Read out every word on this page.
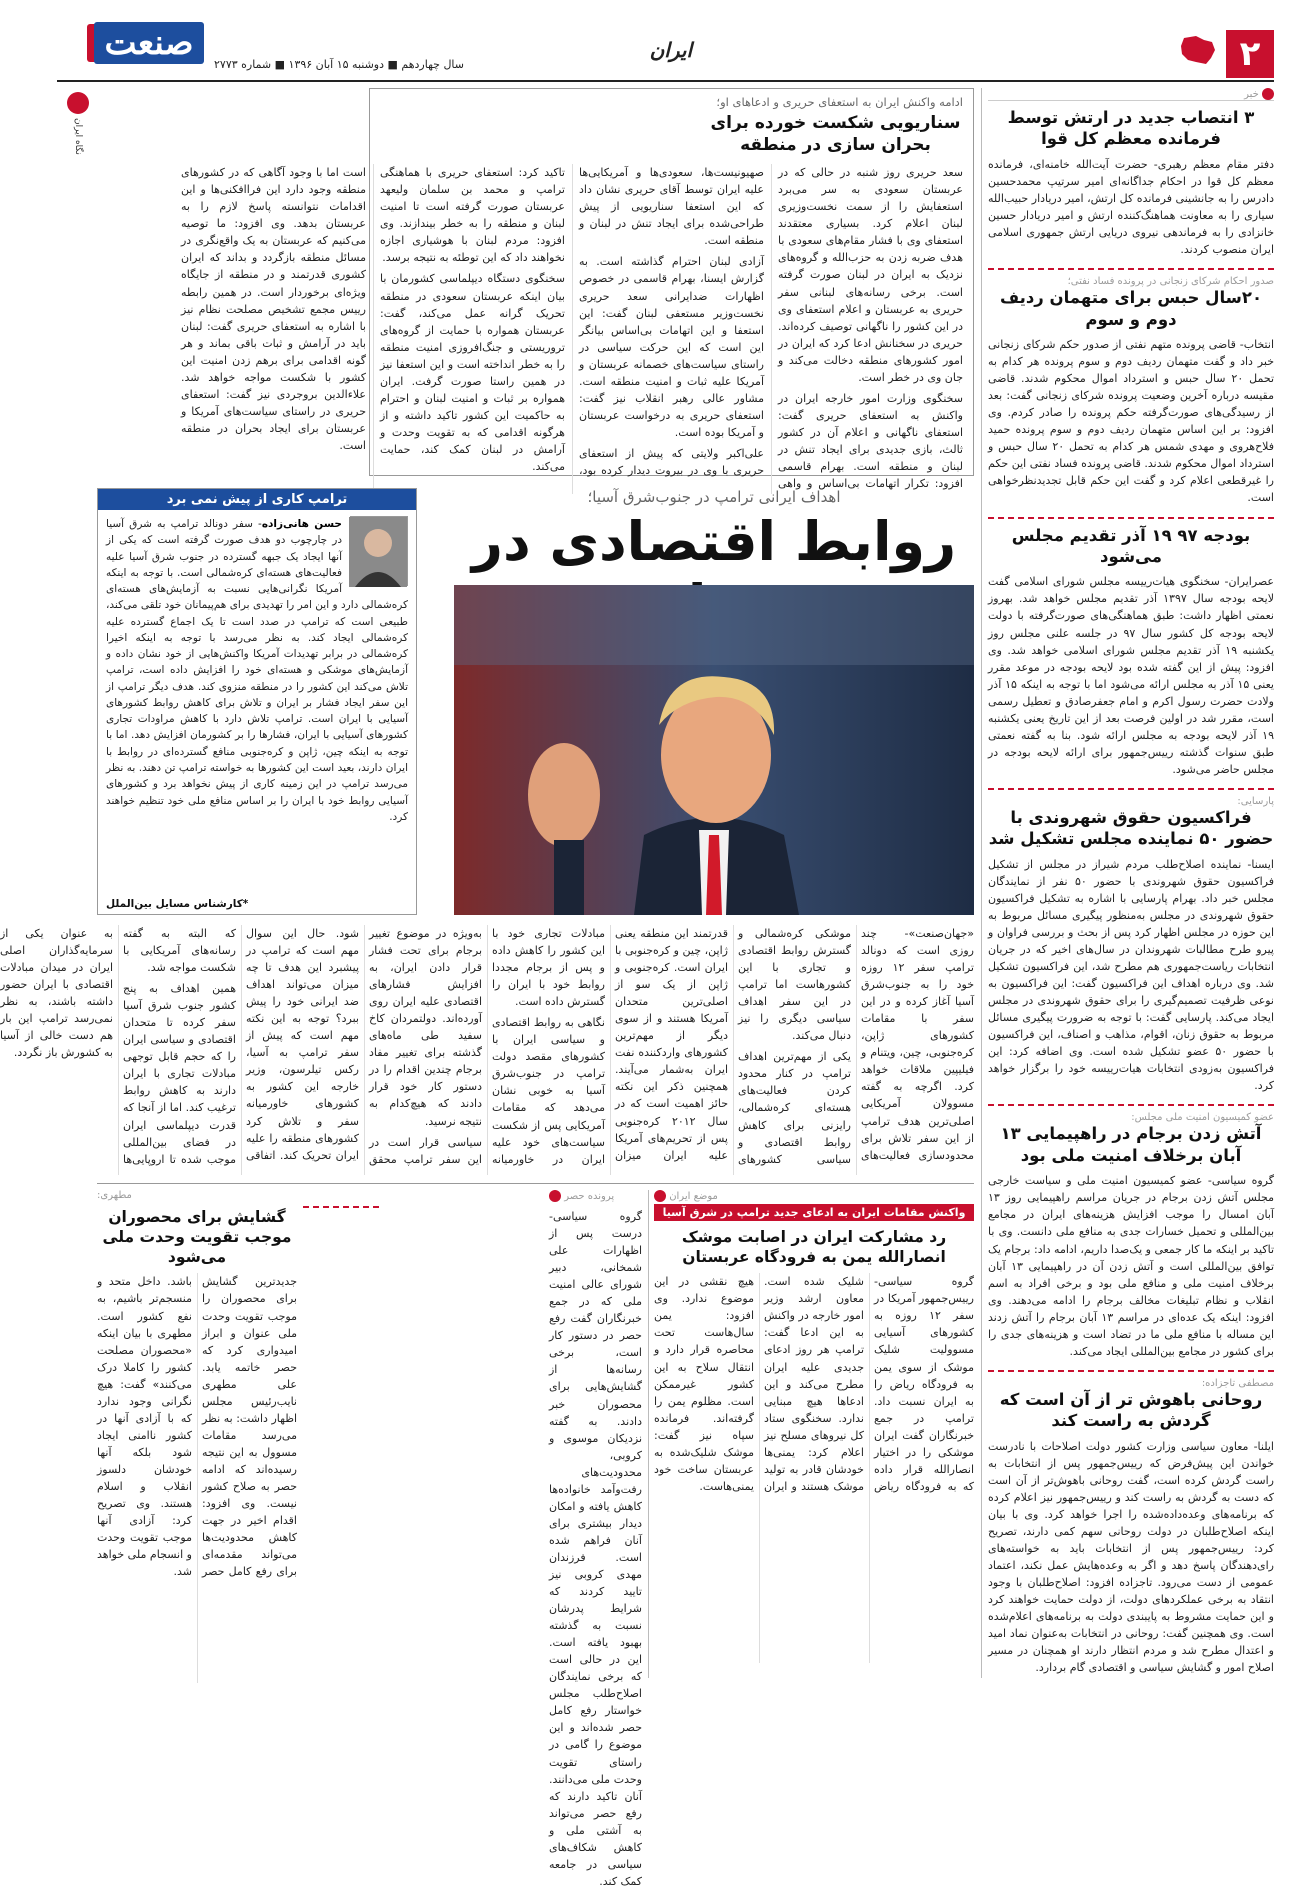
۲
ایران
صنعت
سال چهاردهم ■ دوشنبه ۱۵ آبان ۱۳۹۶ ■ شماره ۲۷۷۳
خبر
۳ انتصاب جدید در ارتش توسط فرمانده معظم کل قوا
دفتر مقام معظم رهبری- حضرت آیت‌الله خامنه‌ای، فرمانده معظم کل قوا در احکام جداگانه‌ای امیر سرتیپ محمدحسین دادرس را به جانشینی فرمانده کل ارتش، امیر دریادار حبیب‌الله سیاری را به معاونت هماهنگ‌کننده ارتش و امیر دریادار حسین خانزادی را به فرماندهی نیروی دریایی ارتش جمهوری اسلامی ایران منصوب کردند.
صدور احکام شرکای زنجانی در پرونده فساد نفتی؛
۲۰سال حبس برای متهمان ردیف دوم و سوم
انتخاب- قاضی پرونده متهم نفتی از صدور حکم شرکای زنجانی خبر داد و گفت متهمان ردیف دوم و سوم پرونده هر کدام به تحمل ۲۰ سال حبس و استرداد اموال محکوم شدند. قاضی مقیسه درباره آخرین وضعیت پرونده شرکای زنجانی گفت: بعد از رسیدگی‌های صورت‌گرفته حکم پرونده را صادر کردم. وی افزود: بر این اساس متهمان ردیف دوم و سوم پرونده حمید فلاح‌هروی و مهدی شمس هر کدام به تحمل ۲۰ سال حبس و استرداد اموال محکوم شدند. قاضی پرونده فساد نفتی این حکم را غیرقطعی اعلام کرد و گفت این حکم قابل تجدیدنظرخواهی است.
بودجه ۹۷ ۱۹ آذر تقدیم مجلس می‌شود
عصرایران- سخنگوی هیات‌رییسه مجلس شورای اسلامی گفت لایحه بودجه سال ۱۳۹۷ آذر تقدیم مجلس خواهد شد. بهروز نعمتی اظهار داشت: طبق هماهنگی‌های صورت‌گرفته با دولت لایحه بودجه کل کشور سال ۹۷ در جلسه علنی مجلس روز یکشنبه ۱۹ آذر تقدیم مجلس شورای اسلامی خواهد شد. وی افزود: پیش از این گفته شده بود لایحه بودجه در موعد مقرر یعنی ۱۵ آذر به مجلس ارائه می‌شود اما با توجه به اینکه ۱۵ آذر ولادت حضرت رسول اکرم و امام جعفرصادق و تعطیل رسمی است، مقرر شد در اولین فرصت بعد از این تاریخ یعنی یکشنبه ۱۹ آذر لایحه بودجه به مجلس ارائه شود. بنا به گفته نعمتی طبق سنوات گذشته رییس‌جمهور برای ارائه لایحه بودجه در مجلس حاضر می‌شود.
پارسایی:
فراکسیون حقوق شهروندی با حضور ۵۰ نماینده مجلس تشکیل شد
ایسنا- نماینده اصلاح‌طلب مردم شیراز در مجلس از تشکیل فراکسیون حقوق شهروندی با حضور ۵۰ نفر از نمایندگان مجلس خبر داد. بهرام پارسایی با اشاره به تشکیل فراکسیون حقوق شهروندی در مجلس به‌منظور پیگیری مسائل مربوط به این حوزه در مجلس اظهار کرد پس از بحث و بررسی فراوان و پیرو طرح مطالبات شهروندان در سال‌های اخیر که در جریان انتخابات ریاست‌جمهوری هم مطرح شد، این فراکسیون تشکیل شد. وی درباره اهداف این فراکسیون گفت: این فراکسیون به نوعی ظرفیت تصمیم‌گیری را برای حقوق شهروندی در مجلس ایجاد می‌کند. پارسایی گفت: با توجه به ضرورت پیگیری مسائل مربوط به حقوق زنان، اقوام، مذاهب و اصناف، این فراکسیون با حضور ۵۰ عضو تشکیل شده است. وی اضافه کرد: این فراکسیون به‌زودی انتخابات هیات‌رییسه خود را برگزار خواهد کرد.
عضو کمیسیون امنیت ملی مجلس:
آتش زدن برجام در راهپیمایی ۱۳ آبان برخلاف امنیت ملی بود
گروه سیاسی- عضو کمیسیون امنیت ملی و سیاست خارجی مجلس آتش زدن برجام در جریان مراسم راهپیمایی روز ۱۳ آبان امسال را موجب افزایش هزینه‌های ایران در مجامع بین‌المللی و تحمیل خسارات جدی به منافع ملی دانست. وی با تاکید بر اینکه ما کار جمعی و یک‌صدا داریم، ادامه داد: برجام یک توافق بین‌المللی است و آتش زدن آن در راهپیمایی ۱۳ آبان برخلاف امنیت ملی و منافع ملی بود و برخی افراد به اسم انقلاب و نظام تبلیغات مخالف برجام را ادامه می‌دهند. وی افزود: اینکه یک عده‌ای در مراسم ۱۳ آبان برجام را آتش زدند این مساله با منافع ملی ما در تضاد است و هزینه‌های جدی را برای کشور در مجامع بین‌المللی ایجاد می‌کند.
مصطفی تاجزاده:
روحانی باهوش تر از آن است که گردش به راست کند
ایلنا- معاون سیاسی وزارت کشور دولت اصلاحات با نادرست خواندن این پیش‌فرض که رییس‌جمهور پس از انتخابات به راست گردش کرده است، گفت روحانی باهوش‌تر از آن است که دست به گردش به راست کند و رییس‌جمهور نیز اعلام کرده که برنامه‌های وعده‌داده‌شده را اجرا خواهد کرد. وی با بیان اینکه اصلاح‌طلبان در دولت روحانی سهم کمی دارند، تصریح کرد: رییس‌جمهور پس از انتخابات باید به خواسته‌های رای‌دهندگان پاسخ دهد و اگر به وعده‌هایش عمل نکند، اعتماد عمومی از دست می‌رود. تاجزاده افزود: اصلاح‌طلبان با وجود انتقاد به برخی عملکردهای دولت، از دولت حمایت خواهند کرد و این حمایت مشروط به پایبندی دولت به برنامه‌های اعلام‌شده است. وی همچنین گفت: روحانی در انتخابات به‌عنوان نماد امید و اعتدال مطرح شد و مردم انتظار دارند او همچنان در مسیر اصلاح امور و گشایش سیاسی و اقتصادی گام بردارد.
ادامه واکنش ایران به استعفای حریری و ادعاهای او؛
سناریویی شکست خورده برای بحران سازی در منطقه

سعد حریری روز شنبه در حالی که در عربستان سعودی به سر می‌برد استعفایش را از سمت نخست‌وزیری لبنان اعلام کرد. بسیاری معتقدند استعفای وی با فشار مقام‌های سعودی با هدف ضربه زدن به حزب‌الله و گروه‌های نزدیک به ایران در لبنان صورت گرفته است. برخی رسانه‌های لبنانی سفر حریری به عربستان و اعلام استعفای وی در این کشور را ناگهانی توصیف کرده‌اند. حریری در سخنانش ادعا کرد که ایران در امور کشورهای منطقه دخالت می‌کند و جان وی در خطر است.

سخنگوی وزارت امور خارجه ایران در واکنش به استعفای حریری گفت: استعفای ناگهانی و اعلام آن در کشور ثالث، بازی جدیدی برای ایجاد تنش در لبنان و منطقه است. بهرام قاسمی افزود: تکرار اتهامات بی‌اساس و واهی صهیونیست‌ها، سعودی‌ها و آمریکایی‌ها علیه ایران توسط آقای حریری نشان داد که این استعفا سناریویی از پیش طراحی‌شده برای ایجاد تنش در لبنان و منطقه است.

آزادی لبنان احترام گذاشته است. به گزارش ایسنا، بهرام قاسمی در خصوص اظهارات ضدایرانی سعد حریری نخست‌وزیر مستعفی لبنان گفت: این استعفا و این اتهامات بی‌اساس بیانگر این است که این حرکت سیاسی در راستای سیاست‌های خصمانه عربستان و آمریکا علیه ثبات و امنیت منطقه است. مشاور عالی رهبر انقلاب نیز گفت: استعفای حریری به درخواست عربستان و آمریکا بوده است.

علی‌اکبر ولایتی که پیش از استعفای حریری با وی در بیروت دیدار کرده بود، تاکید کرد: استعفای حریری با هماهنگی ترامپ و محمد بن سلمان ولیعهد عربستان صورت گرفته است تا امنیت لبنان و منطقه را به خطر بیندازند. وی افزود: مردم لبنان با هوشیاری اجازه نخواهند داد که این توطئه به نتیجه برسد.

سخنگوی دستگاه دیپلماسی کشورمان با بیان اینکه عربستان سعودی در منطقه تحریک گرانه عمل می‌کند، گفت: عربستان همواره با حمایت از گروه‌های تروریستی و جنگ‌افروزی امنیت منطقه را به خطر انداخته است و این استعفا نیز در همین راستا صورت گرفت. ایران همواره بر ثبات و امنیت لبنان و احترام به حاکمیت این کشور تاکید داشته و از هرگونه اقدامی که به تقویت وحدت و آرامش در لبنان کمک کند، حمایت می‌کند.

است اما با وجود آگاهی که در کشورهای منطقه وجود دارد این فراافکنی‌ها و این اقدامات نتوانسته پاسخ لازم را به عربستان بدهد. وی افزود: ما توصیه می‌کنیم که عربستان به یک واقع‌نگری در مسائل منطقه بازگردد و بداند که ایران کشوری قدرتمند و در منطقه از جایگاه ویژه‌ای برخوردار است. در همین رابطه رییس مجمع تشخیص مصلحت نظام نیز با اشاره به استعفای حریری گفت: لبنان باید در آرامش و ثبات باقی بماند و هر گونه اقدامی برای برهم زدن امنیت این کشور با شکست مواجه خواهد شد. علاءالدین بروجردی نیز گفت: استعفای حریری در راستای سیاست‌های آمریکا و عربستان برای ایجاد بحران در منطقه است.

نگاه ایران
اهداف ایرانی ترامپ در جنوب‌شرق آسیا؛
روابط اقتصادی در
ترامپ کاری از پیش نمی برد
حسن هانی‌زاده- سفر دونالد ترامپ به شرق آسیا در چارچوب دو هدف صورت گرفته است که یکی از آنها ایجاد یک جبهه گسترده در جنوب شرق آسیا علیه فعالیت‌های هسته‌ای کره‌شمالی است. با توجه به اینکه آمریکا نگرانی‌هایی نسبت به آزمایش‌های هسته‌ای کره‌شمالی دارد و این امر را تهدیدی برای هم‌پیمانان خود تلقی می‌کند، طبیعی است که ترامپ در صدد است تا یک اجماع گسترده علیه کره‌شمالی ایجاد کند. به نظر می‌رسد با توجه به اینکه اخیرا کره‌شمالی در برابر تهدیدات آمریکا واکنش‌هایی از خود نشان داده و آزمایش‌های موشکی و هسته‌ای خود را افزایش داده است، ترامپ تلاش می‌کند این کشور را در منطقه منزوی کند. هدف دیگر ترامپ از این سفر ایجاد فشار بر ایران و تلاش برای کاهش روابط کشورهای آسیایی با ایران است. ترامپ تلاش دارد با کاهش مراودات تجاری کشورهای آسیایی با ایران، فشارها را بر کشورمان افزایش دهد. اما با توجه به اینکه چین، ژاپن و کره‌جنوبی منافع گسترده‌ای در روابط با ایران دارند، بعید است این کشورها به خواسته ترامپ تن دهند. به نظر می‌رسد ترامپ در این زمینه کاری از پیش نخواهد برد و کشورهای آسیایی روابط خود با ایران را بر اساس منافع ملی خود تنظیم خواهند کرد.
*کارشناس مسایل بین‌الملل

«جهان‌صنعت»- چند روزی است که دونالد ترامپ سفر ۱۲ روزه خود را به جنوب‌شرق آسیا آغاز کرده و در این سفر با مقامات کشورهای ژاپن، کره‌جنوبی، چین، ویتنام و فیلیپین ملاقات خواهد کرد. اگرچه به گفته مسوولان آمریکایی اصلی‌ترین هدف ترامپ از این سفر تلاش برای محدودسازی فعالیت‌های موشکی کره‌شمالی و گسترش روابط اقتصادی و تجاری با این کشورهاست اما ترامپ در این سفر اهداف سیاسی دیگری را نیز دنبال می‌کند.

یکی از مهم‌ترین اهداف ترامپ در کنار محدود کردن فعالیت‌های هسته‌ای کره‌شمالی، رایزنی برای کاهش روابط اقتصادی و سیاسی کشورهای قدرتمند این منطقه یعنی ژاپن، چین و کره‌جنوبی با ایران است. کره‌جنوبی و ژاپن از یک سو از اصلی‌ترین متحدان آمریکا هستند و از سوی دیگر از مهم‌ترین کشورهای وارد‌کننده نفت ایران به‌شمار می‌آیند. همچنین ذکر این نکته حائز اهمیت است که در سال ۲۰۱۲ کره‌جنوبی پس از تحریم‌های آمریکا علیه ایران میزان مبادلات تجاری خود با این کشور را کاهش داده و پس از برجام مجددا روابط خود با ایران را گسترش داده است.

نگاهی به روابط اقتصادی و سیاسی ایران با کشورهای مقصد دولت ترامپ در جنوب‌شرق آسیا به خوبی نشان می‌دهد که مقامات آمریکایی پس از شکست سیاست‌های خود علیه ایران در خاورمیانه به‌ویژه در موضوع تغییر برجام برای تحت فشار قرار دادن ایران، به افزایش فشارهای اقتصادی علیه ایران روی آورده‌اند. دولتمردان کاخ سفید طی ماه‌های گذشته برای تغییر مفاد برجام چندین اقدام را در دستور کار خود قرار دادند که هیچ‌کدام به نتیجه نرسید.

سیاسی قرار است در این سفر ترامپ محقق شود. حال این سوال مهم است که ترامپ در پیشبرد این هدف تا چه میزان می‌تواند اهداف ضد ایرانی خود را پیش ببرد؟ توجه به این نکته مهم است که پیش از سفر ترامپ به آسیا، رکس تیلرسون، وزیر خارجه این کشور به کشورهای خاورمیانه سفر و تلاش کرد کشورهای منطقه را علیه ایران تحریک کند. اتفاقی که البته به گفته رسانه‌های آمریکایی با شکست مواجه شد.

همین اهداف به پنج کشور جنوب شرق آسیا سفر کرده تا متحدان اقتصادی و سیاسی ایران را که حجم قابل توجهی مبادلات تجاری با ایران دارند به کاهش روابط ترغیب کند. اما از آنجا که قدرت دیپلماسی ایران در فضای بین‌المللی موجب شده تا اروپایی‌ها به عنوان یکی از سرمایه‌گذاران اصلی ایران در میدان مبادلات اقتصادی با ایران حضور داشته باشند، به نظر نمی‌رسد ترامپ این بار هم دست خالی از آسیا به کشورش باز نگردد.

موضع ایران
واکنش مقامات ایران به ادعای جدید ترامپ در شرق آسیا
رد مشارکت ایران در اصابت موشک انصارالله یمن به فرودگاه عربستان
گروه سیاسی- رییس‌جمهور آمریکا در سفر ۱۲ روزه به کشورهای آسیایی مسوولیت شلیک موشک از سوی یمن به فرودگاه ریاض را به ایران نسبت داد. ترامپ در جمع خبرنگاران گفت ایران موشکی را در اختیار انصارالله قرار داده که به فرودگاه ریاض شلیک شده است. معاون ارشد وزیر امور خارجه در واکنش به این ادعا گفت: ترامپ هر روز ادعای جدیدی علیه ایران مطرح می‌کند و این ادعاها هیچ مبنایی ندارد. سخنگوی ستاد کل نیروهای مسلح نیز اعلام کرد: یمنی‌ها خودشان قادر به تولید موشک هستند و ایران هیچ نقشی در این موضوع ندارد. وی افزود: یمن سال‌هاست تحت محاصره قرار دارد و انتقال سلاح به این کشور غیرممکن است. مظلوم یمن را گرفته‌اند. فرمانده سپاه نیز گفت: موشک شلیک‌شده به عربستان ساخت خود یمنی‌هاست.
پرونده حصر
گروه سیاسی- درست پس از اظهارات علی شمخانی، دبیر شورای عالی امنیت ملی که در جمع خبرنگاران گفت رفع حصر در دستور کار است، برخی رسانه‌ها از گشایش‌هایی برای محصوران خبر دادند. به گفته نزدیکان موسوی و کروبی، محدودیت‌های رفت‌وآمد خانواده‌ها کاهش یافته و امکان دیدار بیشتری برای آنان فراهم شده است. فرزندان مهدی کروبی نیز تایید کردند که شرایط پدرشان نسبت به گذشته بهبود یافته است. این در حالی است که برخی نمایندگان اصلاح‌طلب مجلس خواستار رفع کامل حصر شده‌اند و این موضوع را گامی در راستای تقویت وحدت ملی می‌دانند. آنان تاکید دارند که رفع حصر می‌تواند به آشتی ملی و کاهش شکاف‌های سیاسی در جامعه کمک کند.
مطهری:
گشایش برای محصوران موجب تقویت وحدت ملی می‌شود
جدیدترین گشایش برای محصوران را موجب تقویت وحدت ملی عنوان و ابراز امیدواری کرد که حصر خاتمه یابد. علی مطهری نایب‌رئیس مجلس اظهار داشت: به نظر می‌رسد مقامات مسوول به این نتیجه رسیده‌اند که ادامه حصر به صلاح کشور نیست. وی افزود: اقدام اخیر در جهت کاهش محدودیت‌ها می‌تواند مقدمه‌ای برای رفع کامل حصر باشد. داخل متحد و منسجم‌تر باشیم، به نفع کشور است. مطهری با بیان اینکه «محصوران مصلحت کشور را کاملا درک می‌کنند» گفت: هیچ نگرانی وجود ندارد که با آزادی آنها در کشور ناامنی ایجاد شود بلکه آنها خودشان دلسوز انقلاب و اسلام هستند. وی تصریح کرد: آزادی آنها موجب تقویت وحدت و انسجام ملی خواهد شد.
